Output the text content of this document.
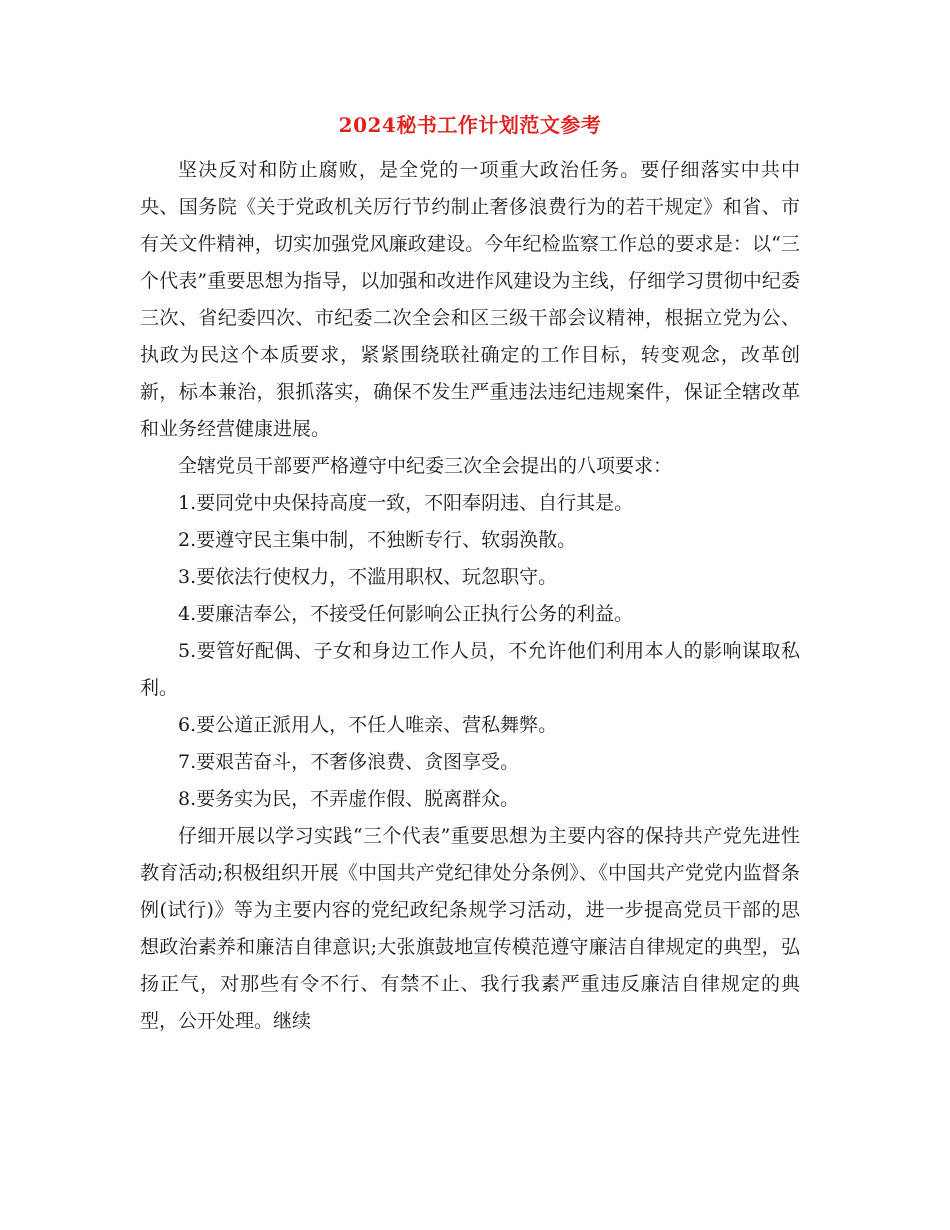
2024秘书工作计划范文参考

坚决反对和防止腐败，是全党的一项重大政治任务。要仔细落实中共中央、国务院《关于党政机关厉行节约制止奢侈浪费行为的若干规定》和省、市有关文件精神，切实加强党风廉政建设。今年纪检监察工作总的要求是：以“三个代表”重要思想为指导，以加强和改进作风建设为主线，仔细学习贯彻中纪委三次、省纪委四次、市纪委二次全会和区三级干部会议精神，根据立党为公、执政为民这个本质要求，紧紧围绕联社确定的工作目标，转变观念，改革创新，标本兼治，狠抓落实，确保不发生严重违法违纪违规案件，保证全辖改革和业务经营健康进展。

全辖党员干部要严格遵守中纪委三次全会提出的八项要求：

1.要同党中央保持高度一致，不阳奉阴违、自行其是。

2.要遵守民主集中制，不独断专行、软弱涣散。

3.要依法行使权力，不滥用职权、玩忽职守。

4.要廉洁奉公，不接受任何影响公正执行公务的利益。

5.要管好配偶、子女和身边工作人员，不允许他们利用本人的影响谋取私利。

6.要公道正派用人，不任人唯亲、营私舞弊。

7.要艰苦奋斗，不奢侈浪费、贪图享受。

8.要务实为民，不弄虚作假、脱离群众。

仔细开展以学习实践“三个代表”重要思想为主要内容的保持共产党先进性教育活动;积极组织开展《中国共产党纪律处分条例》、《中国共产党党内监督条例(试行)》等为主要内容的党纪政纪条规学习活动，进一步提高党员干部的思想政治素养和廉洁自律意识;大张旗鼓地宣传模范遵守廉洁自律规定的典型，弘扬正气，对那些有令不行、有禁不止、我行我素严重违反廉洁自律规定的典型，公开处理。继续
